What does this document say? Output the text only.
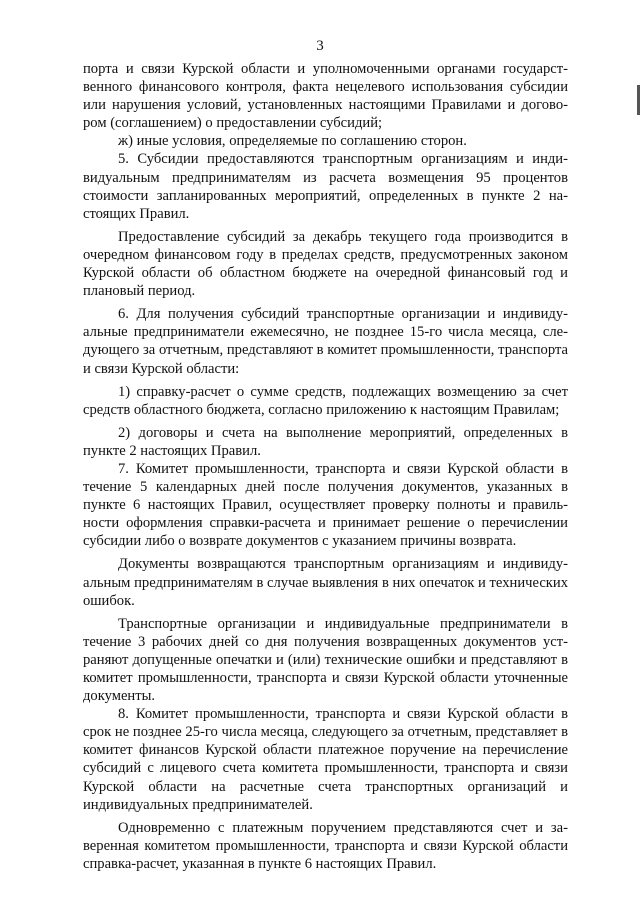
3

порта и связи Курской области и уполномоченными органами государственного финансового контроля, факта нецелевого использования субсидии или нарушения условий, установленных настоящими Правилами и договором (соглашением) о предоставлении субсидий;

ж) иные условия, определяемые по соглашению сторон.

5. Субсидии предоставляются транспортным организациям и индивидуальным предпринимателям из расчета возмещения 95 процентов стоимости запланированных мероприятий, определенных в пункте 2 настоящих Правил.

Предоставление субсидий за декабрь текущего года производится в очередном финансовом году в пределах средств, предусмотренных законом Курской области об областном бюджете на очередной финансовый год и плановый период.

6. Для получения субсидий транспортные организации и индивидуальные предприниматели ежемесячно, не позднее 15-го числа месяца, следующего за отчетным, представляют в комитет промышленности, транспорта и связи Курской области:

1) справку-расчет о сумме средств, подлежащих возмещению за счет средств областного бюджета, согласно приложению к настоящим Правилам;

2) договоры и счета на выполнение мероприятий, определенных в пункте 2 настоящих Правил.

7. Комитет промышленности, транспорта и связи Курской области в течение 5 календарных дней после получения документов, указанных в пункте 6 настоящих Правил, осуществляет проверку полноты и правильности оформления справки-расчета и принимает решение о перечислении субсидии либо о возврате документов с указанием причины возврата.

Документы возвращаются транспортным организациям и индивидуальным предпринимателям в случае выявления в них опечаток и технических ошибок.

Транспортные организации и индивидуальные предприниматели в течение 3 рабочих дней со дня получения возвращенных документов устраняют допущенные опечатки и (или) технические ошибки и представляют в комитет промышленности, транспорта и связи Курской области уточненные документы.

8. Комитет промышленности, транспорта и связи Курской области в срок не позднее 25-го числа месяца, следующего за отчетным, представляет в комитет финансов Курской области платежное поручение на перечисление субсидий с лицевого счета комитета промышленности, транспорта и связи Курской области на расчетные счета транспортных организаций и индивидуальных предпринимателей.

Одновременно с платежным поручением представляются счет и заверенная комитетом промышленности, транспорта и связи Курской области справка-расчет, указанная в пункте 6 настоящих Правил.
